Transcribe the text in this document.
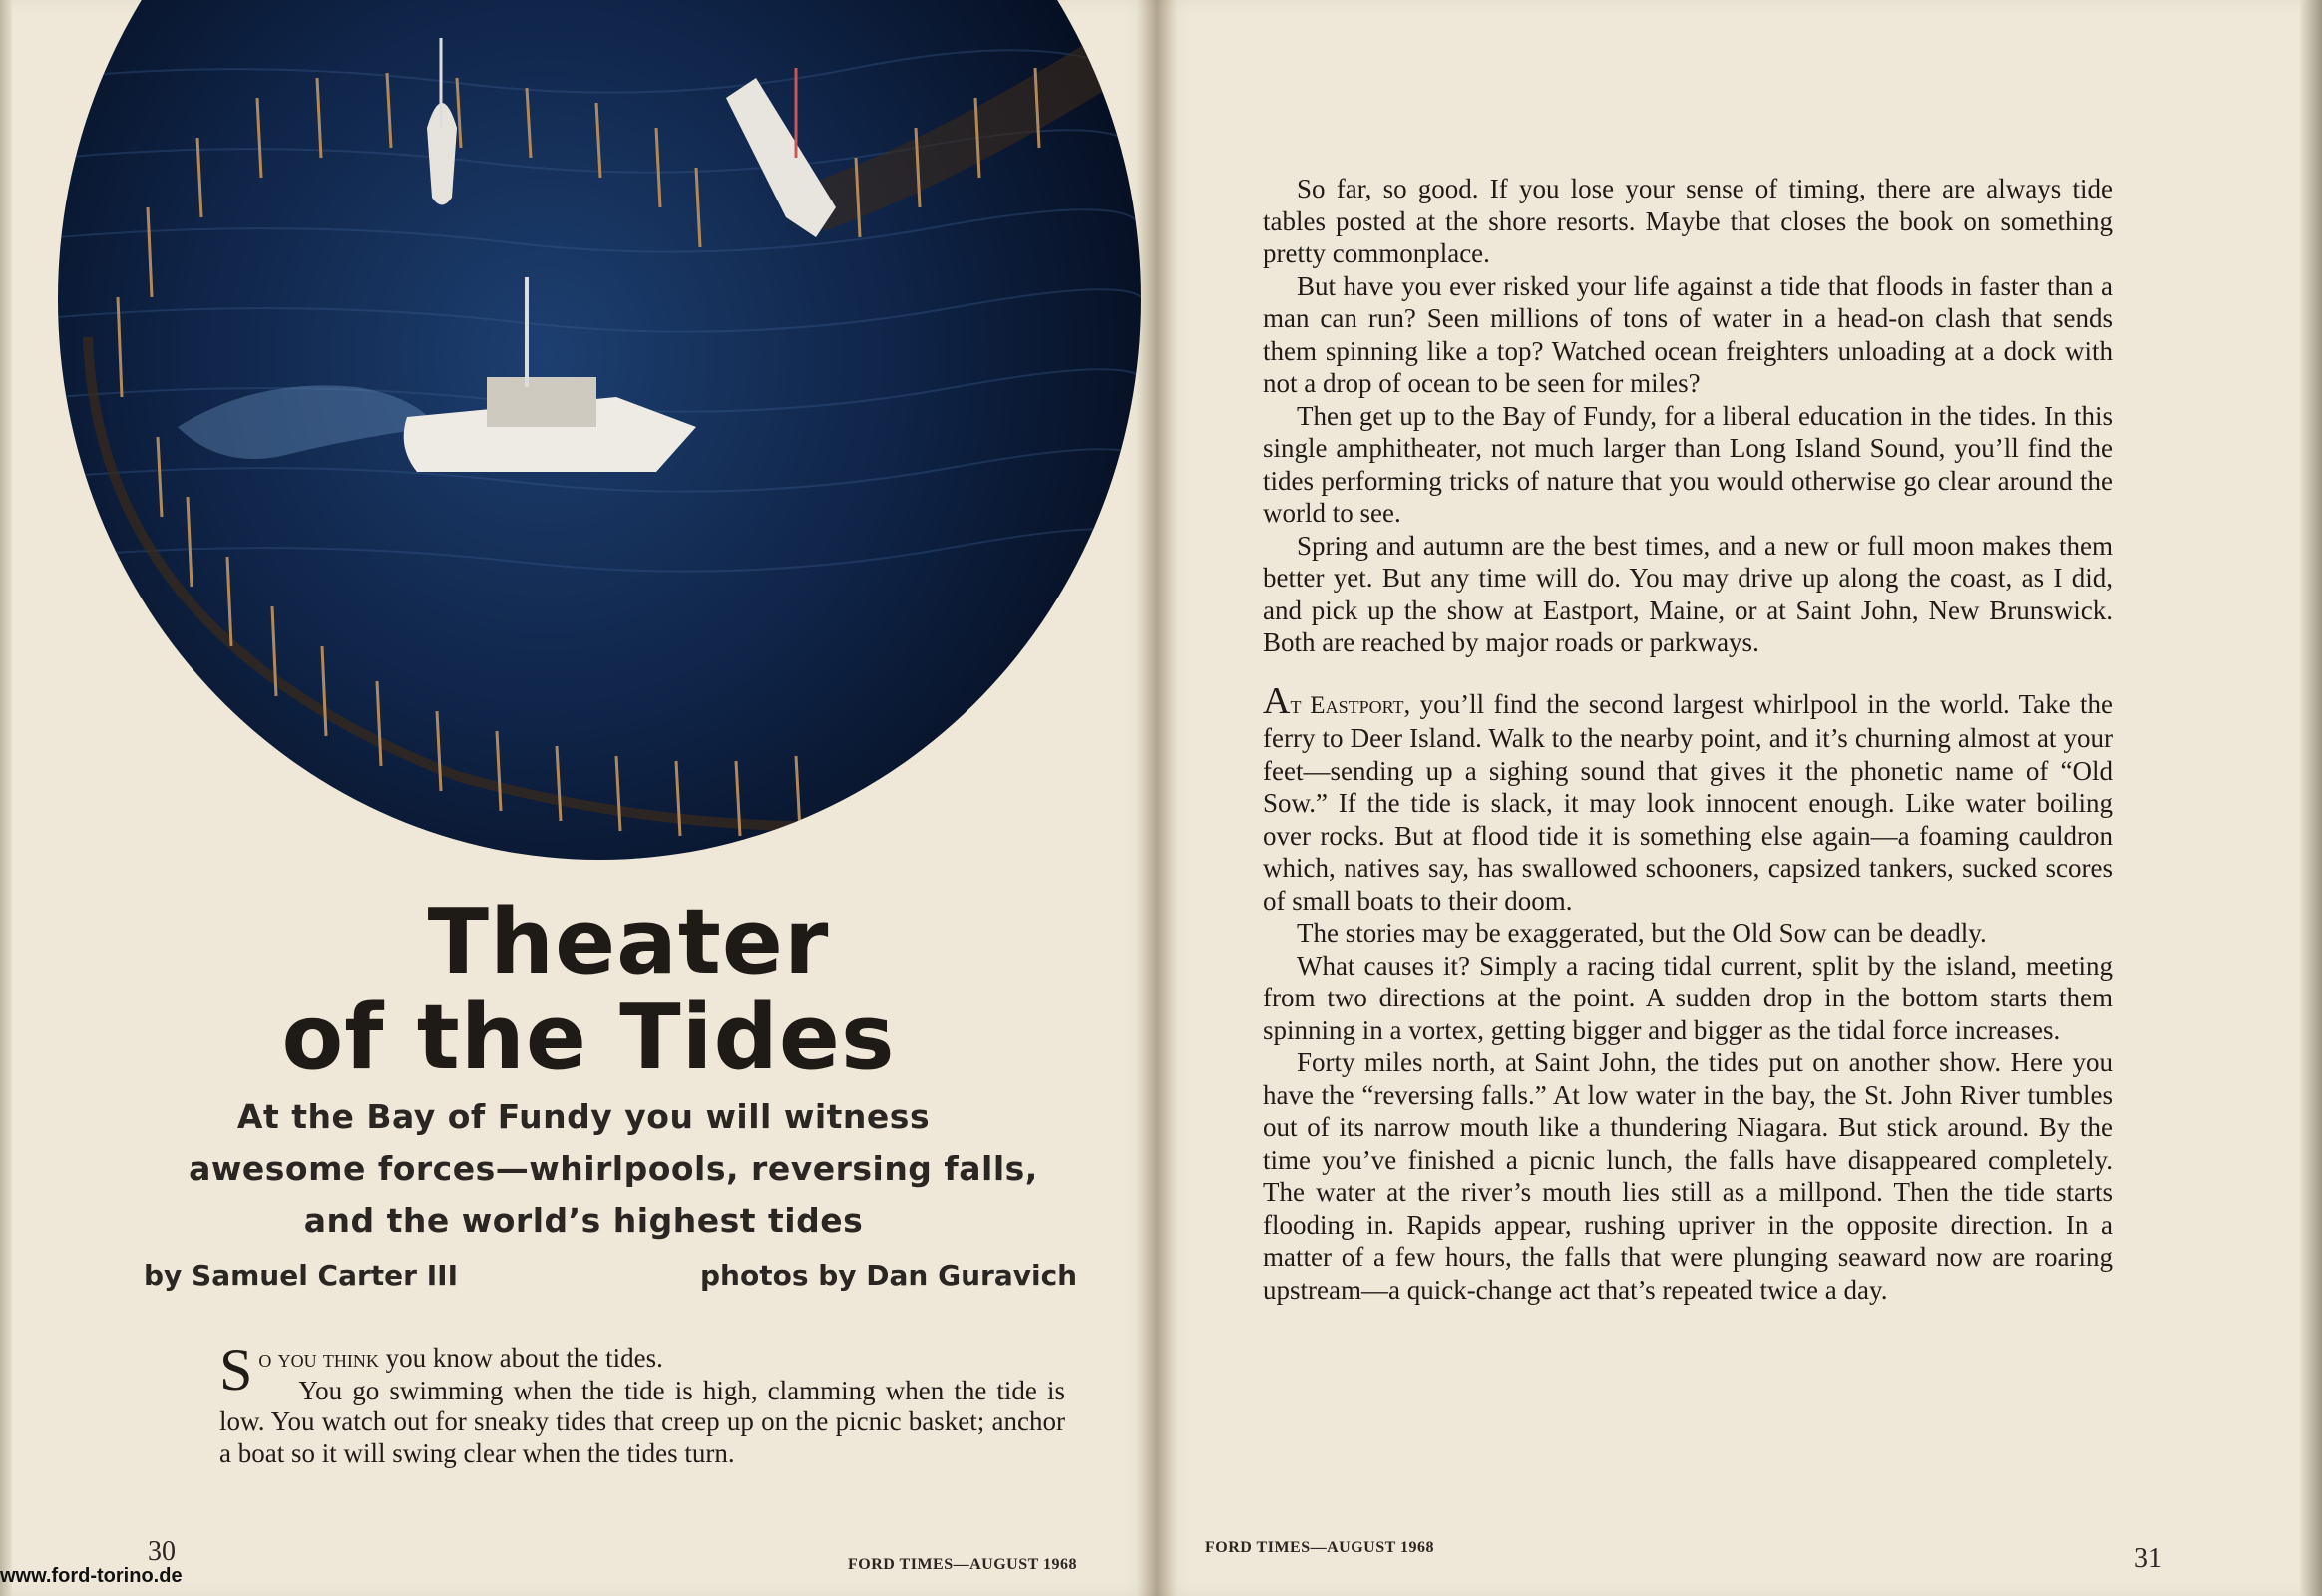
Theater
of the Tides
At the Bay of Fundy you will witness
awesome forces—whirlpools, reversing falls,
and the world’s highest tides
by Samuel Carter III	photos by Dan Guravich

So you think you know about the tides.

You go swimming when the tide is high, clamming when the tide is low. You watch out for sneaky tides that creep up on the picnic basket; anchor a boat so it will swing clear when the tides turn.

So far, so good. If you lose your sense of timing, there are always tide tables posted at the shore resorts. Maybe that closes the book on something pretty commonplace.

But have you ever risked your life against a tide that floods in faster than a man can run? Seen millions of tons of water in a head-on clash that sends them spinning like a top? Watched ocean freighters unloading at a dock with not a drop of ocean to be seen for miles?

Then get up to the Bay of Fundy, for a liberal education in the tides. In this single amphitheater, not much larger than Long Island Sound, you’ll find the tides performing tricks of nature that you would otherwise go clear around the world to see.

Spring and autumn are the best times, and a new or full moon makes them better yet. But any time will do. You may drive up along the coast, as I did, and pick up the show at Eastport, Maine, or at Saint John, New Brunswick. Both are reached by major roads or parkways.

At Eastport, you’ll find the second largest whirlpool in the world. Take the ferry to Deer Island. Walk to the nearby point, and it’s churning almost at your feet—sending up a sighing sound that gives it the phonetic name of “Old Sow.” If the tide is slack, it may look innocent enough. Like water boiling over rocks. But at flood tide it is something else again—a foaming cauldron which, natives say, has swallowed schooners, capsized tankers, sucked scores of small boats to their doom.

The stories may be exaggerated, but the Old Sow can be deadly.

What causes it? Simply a racing tidal current, split by the island, meeting from two directions at the point. A sudden drop in the bottom starts them spinning in a vortex, getting bigger and bigger as the tidal force increases.

Forty miles north, at Saint John, the tides put on another show. Here you have the “reversing falls.” At low water in the bay, the St. John River tumbles out of its narrow mouth like a thundering Niagara. But stick around. By the time you’ve finished a picnic lunch, the falls have disappeared completely. The water at the river’s mouth lies still as a millpond. Then the tide starts flooding in. Rapids appear, rushing upriver in the opposite direction. In a matter of a few hours, the falls that were plunging seaward now are roaring upstream—a quick-change act that’s repeated twice a day.

30	31
FORD TIMES—AUGUST 1968
FORD TIMES—AUGUST 1968
www.ford-torino.de
